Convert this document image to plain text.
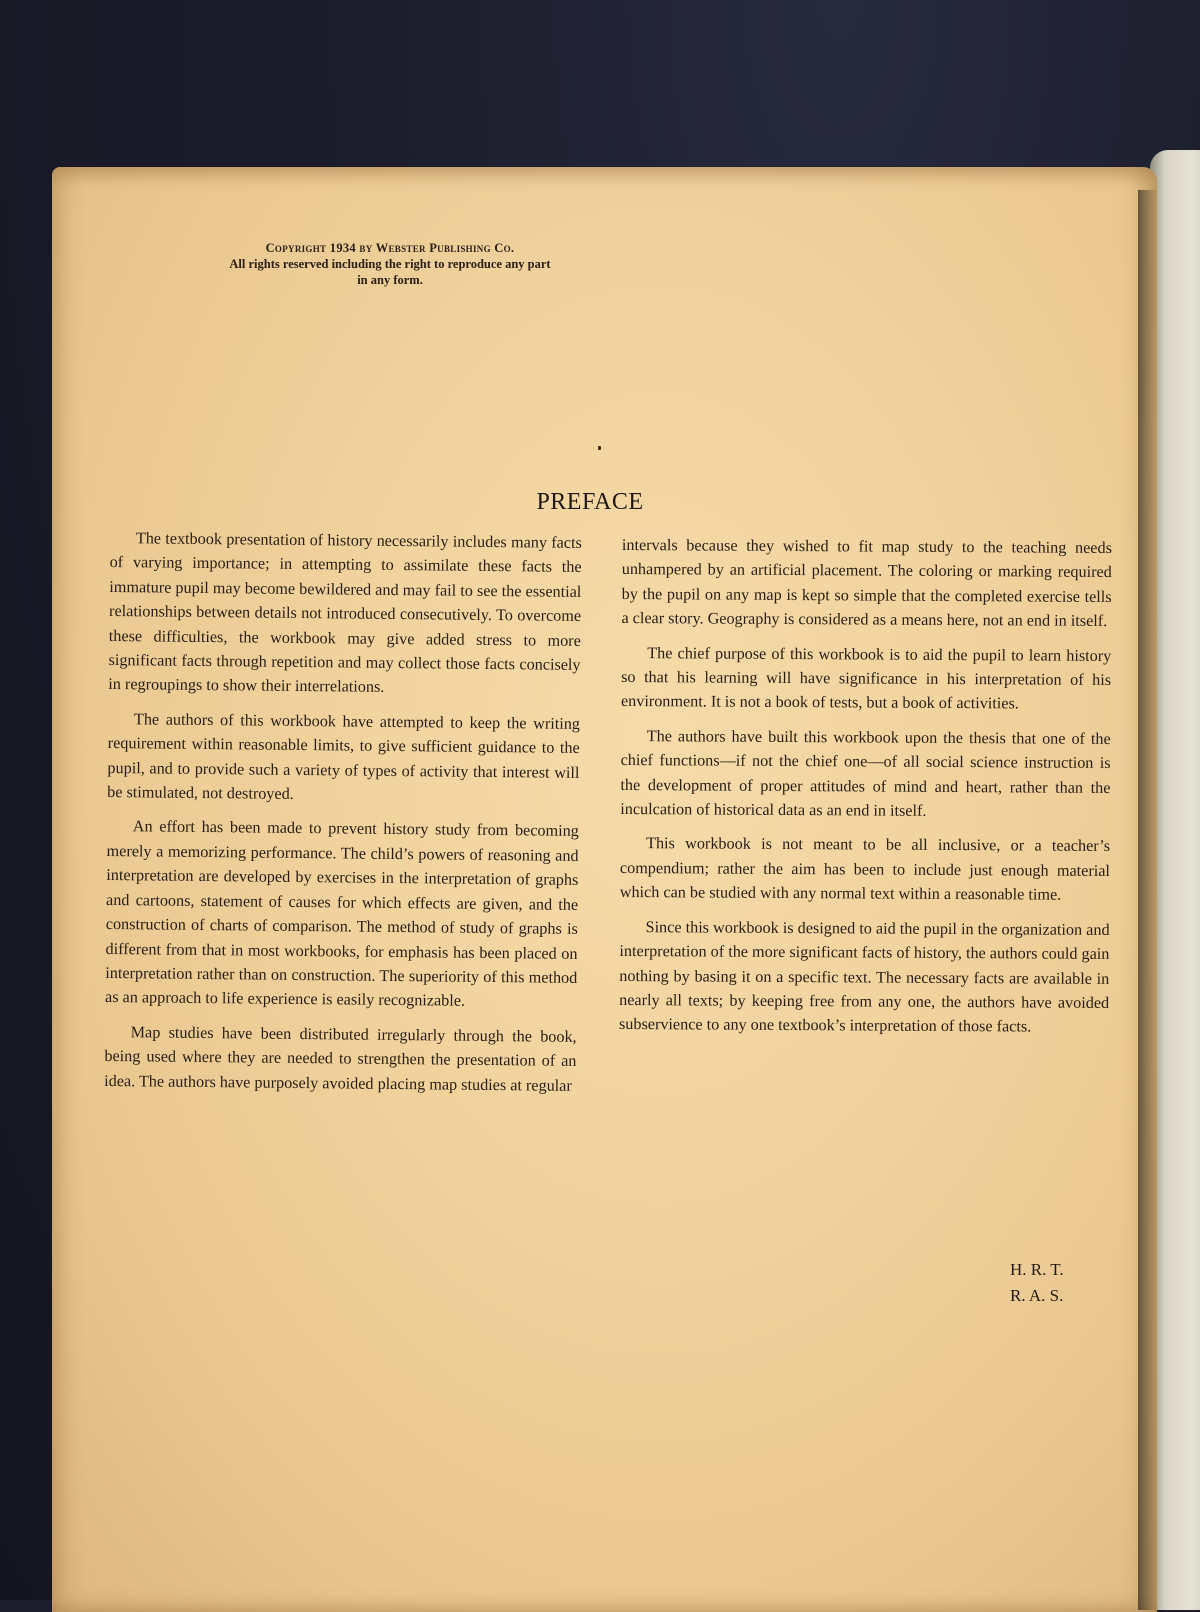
Copyright 1934 by Webster Publishing Co.
All rights reserved including the right to reproduce any part
in any form.
PREFACE

The textbook presentation of history necessarily includes many facts of varying importance; in attempting to assimilate these facts the immature pupil may become bewildered and may fail to see the essential relationships between details not introduced consecutively. To overcome these difficulties, the workbook may give added stress to more significant facts through repetition and may collect those facts concisely in regroupings to show their interrelations.

The authors of this workbook have attempted to keep the writing requirement within reasonable limits, to give sufficient guidance to the pupil, and to provide such a variety of types of activity that interest will be stimulated, not destroyed.

An effort has been made to prevent history study from becoming merely a memorizing performance. The child’s powers of reasoning and interpretation are developed by exercises in the interpretation of graphs and cartoons, statement of causes for which effects are given, and the construction of charts of comparison. The method of study of graphs is different from that in most workbooks, for emphasis has been placed on interpretation rather than on construction. The superiority of this method as an approach to life experience is easily recognizable.

Map studies have been distributed irregularly through the book, being used where they are needed to strengthen the presentation of an idea. The authors have purposely avoided placing map studies at regular

intervals because they wished to fit map study to the teaching needs unhampered by an artificial placement. The coloring or marking required by the pupil on any map is kept so simple that the completed exercise tells a clear story. Geography is considered as a means here, not an end in itself.

The chief purpose of this workbook is to aid the pupil to learn history so that his learning will have significance in his interpretation of his environment. It is not a book of tests, but a book of activities.

The authors have built this workbook upon the thesis that one of the chief functions—if not the chief one—of all social science instruction is the development of proper attitudes of mind and heart, rather than the inculcation of historical data as an end in itself.

This workbook is not meant to be all inclusive, or a teacher’s compendium; rather the aim has been to include just enough material which can be studied with any normal text within a reasonable time.

Since this workbook is designed to aid the pupil in the organization and interpretation of the more significant facts of history, the authors could gain nothing by basing it on a specific text. The necessary facts are available in nearly all texts; by keeping free from any one, the authors have avoided subservience to any one textbook’s interpretation of those facts.

H. R. T.
R. A. S.
